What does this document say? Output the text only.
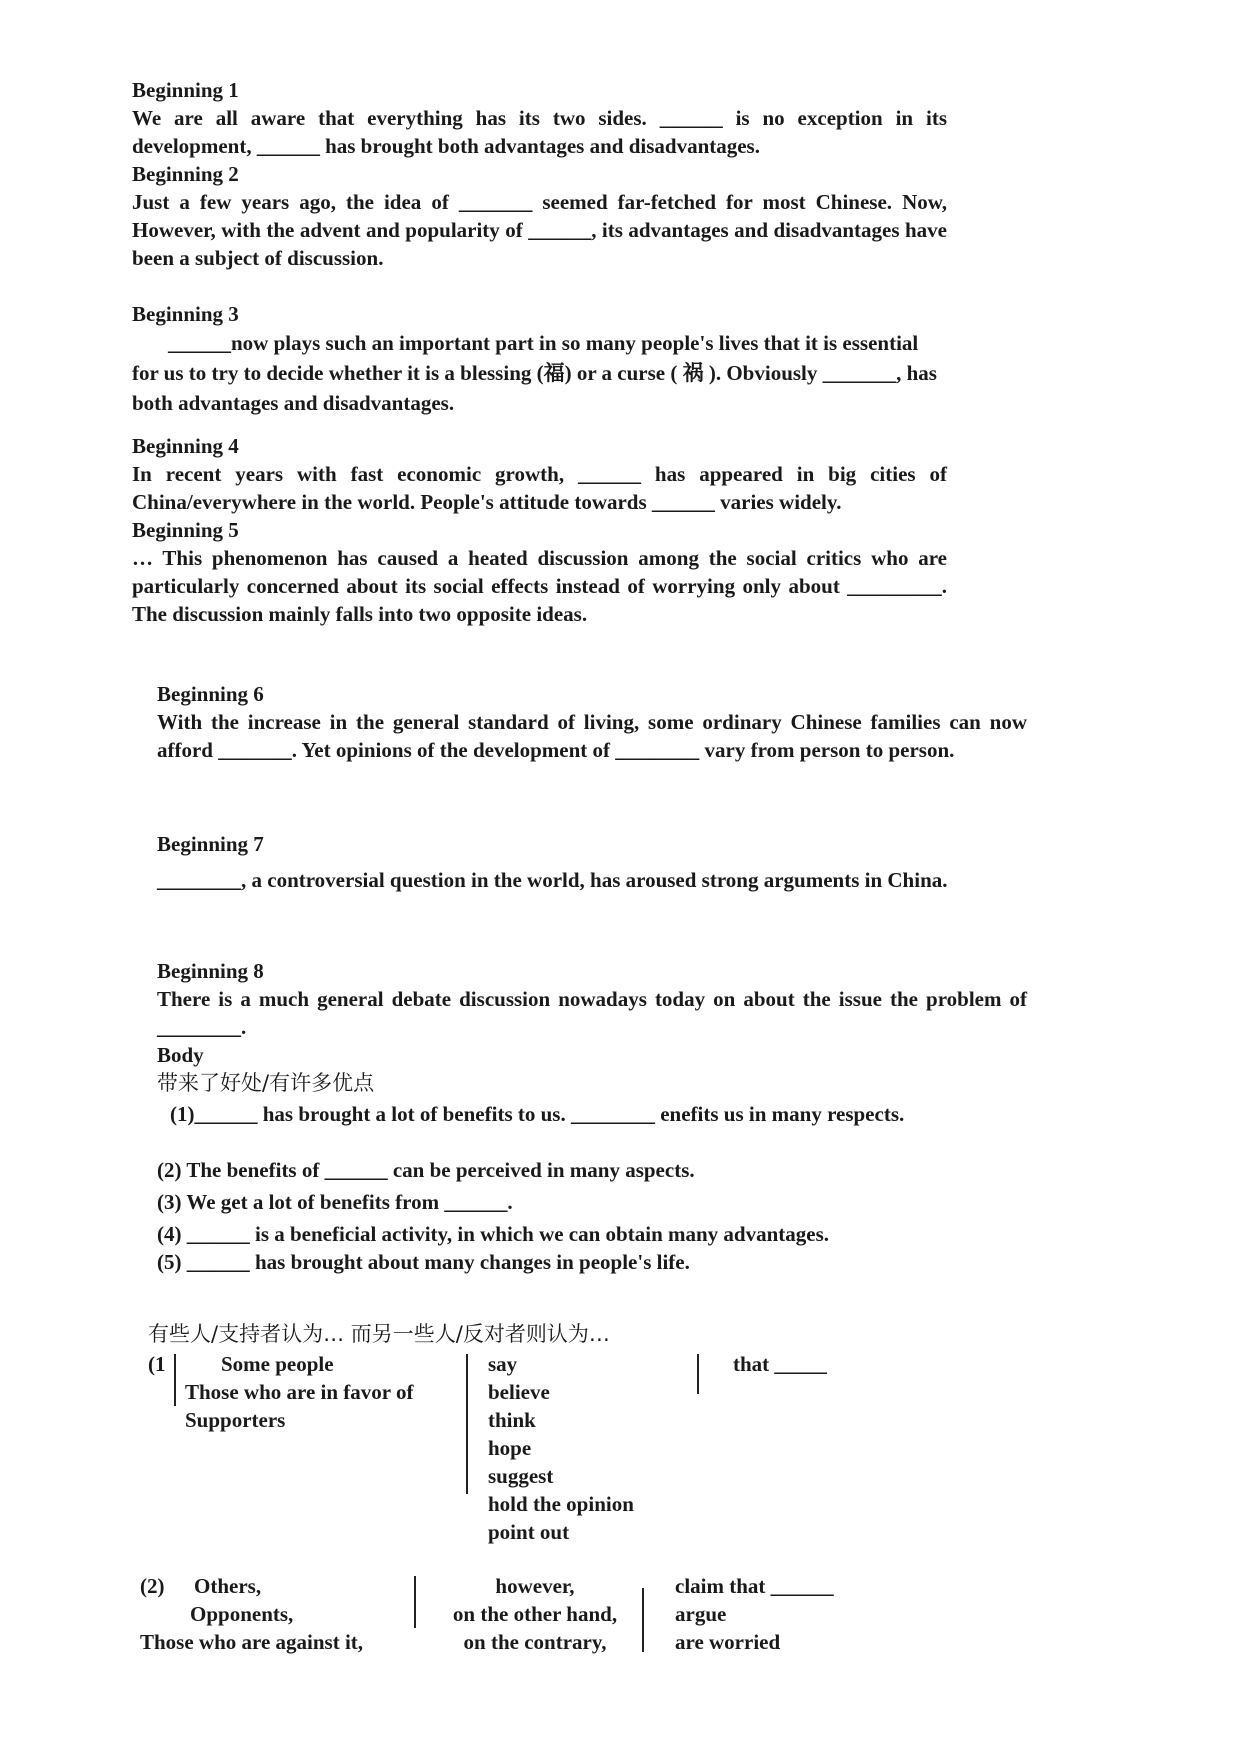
Beginning 1
We are all aware that everything has its two sides. ______ is no exception in its development, ______ has brought both advantages and disadvantages.
Beginning 2
Just a few years ago, the idea of _______ seemed far-fetched for most Chinese. Now, However, with the advent and popularity of ______, its advantages and disadvantages have been a subject of discussion.
Beginning 3
______now plays such an important part in so many people's lives that it is essential for us to try to decide whether it is a blessing (福) or a curse ( 祸 ). Obviously _______, has both advantages and disadvantages.
Beginning 4
In recent years with fast economic growth, ______ has appeared in big cities of China/everywhere in the world. People's attitude towards ______ varies widely.
Beginning 5
… This phenomenon has caused a heated discussion among the social critics who are particularly concerned about its social effects instead of worrying only about _________. The discussion mainly falls into two opposite ideas.
Beginning 6
With the increase in the general standard of living, some ordinary Chinese families can now afford _______. Yet opinions of the development of ________ vary from person to person.
Beginning 7
________, a controversial question in the world, has aroused strong arguments in China.
Beginning 8
There is a much general debate discussion nowadays today on about the issue the problem of ________.
Body
带来了好处/有许多优点
(1)______ has brought a lot of benefits to us. ________ enefits us in many respects.
(2) The benefits of ______ can be perceived in many aspects.
(3) We get a lot of benefits from ______.
(4) ______ is a beneficial activity, in which we can obtain many advantages.
(5) ______ has brought about many changes in people's life.
有些人/支持者认为… 而另一些人/反对者则认为…
(1	Some people
Those who are in favor of
Supporters
say
believe
think
hope
suggest
hold the opinion
point out
that _____
(2)	Others,
Opponents,
Those who are against it,
however,
on the other hand,
on the contrary,
claim that ______
argue
are worried
